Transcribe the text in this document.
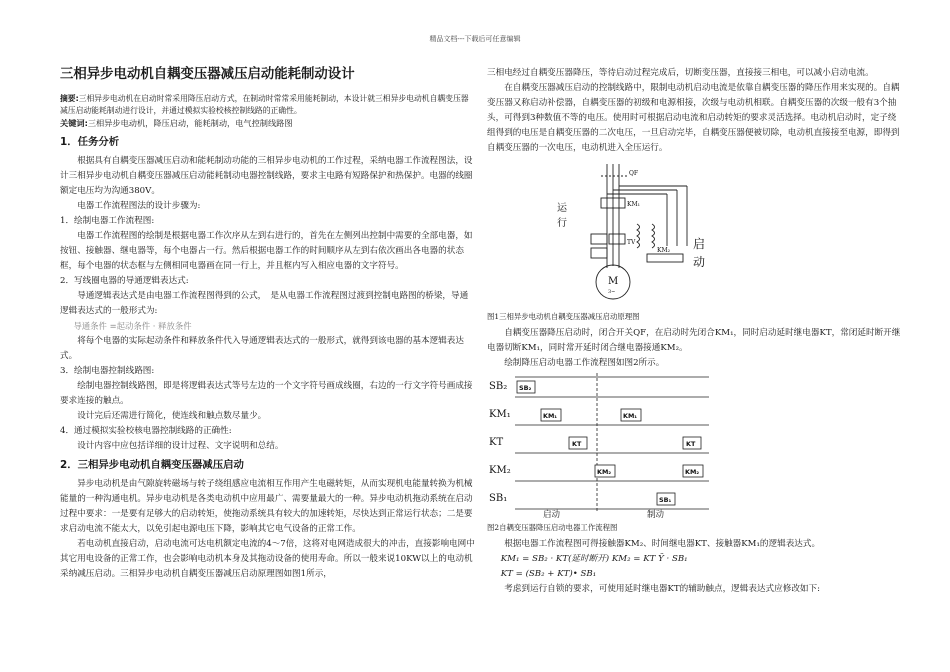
精品文档---下载后可任意编辑
三相异步电动机自耦变压器减压启动能耗制动设计

摘要:三相异步电动机在启动时常采用降压启动方式，在制动时常常采用能耗制动，本设计就三相异步电动机自耦变压器减压启动能耗制动进行设计，并通过模拟实验校核控制线路的正确性。

关键词:三相异步电动机，降压启动，能耗制动，电气控制线路图

1．任务分析

根据具有自耦变压器减压启动和能耗制动功能的三相异步电动机的工作过程，采纳电器工作流程图法，设计三相异步电动机自耦变压器减压启动能耗制动电器控制线路，要求主电路有短路保护和热保护。电器的线圈额定电压均为沟通380V。

电器工作流程图法的设计步骤为:

1．绘制电器工作流程图:

电器工作流程图的绘制是根据电器工作次序从左到右进行的，首先在左侧列出控制中需要的全部电器，如按钮、接触器、继电器等，每个电器占一行。然后根据电器工作的时间顺序从左到右依次画出各电器的状态框，每个电器的状态框与左侧相同电器画在同一行上，并且框内写入相应电器的文字符号。

2．写线圈电器的导通逻辑表达式:

导通逻辑表达式是由电器工作流程图得到的公式，　是从电器工作流程图过渡到控制电路图的桥梁，导通逻辑表达式的一般形式为:

导通条件 =起动条件 · 释放条件

将每个电器的实际起动条件和释放条件代入导通逻辑表达式的一般形式，就得到该电器的基本逻辑表达式。

3．绘制电器控制线路图:

绘制电器控制线路图，即是将逻辑表达式等号左边的一个文字符号画成线圈，右边的一行文字符号画成接要求连接的触点。

设计完后还需进行简化，使连线和触点数尽量少。

4．通过模拟实验校核电器控制线路的正确性:

设计内容中应包括详细的设计过程、文字说明和总结。

2．三相异步电动机自耦变压器减压启动

异步电动机是由气隙旋转磁场与转子绕组感应电流相互作用产生电磁转矩，从而实现机电能量转换为机械能量的一种沟通电机。异步电动机是各类电动机中应用最广、需要量最大的一种。异步电动机拖动系统在启动过程中要求：一是要有足够大的启动转矩，使拖动系统具有较大的加速转矩，尽快达到正常运行状态；二是要求启动电流不能太大，以免引起电源电压下降，影响其它电气设备的正常工作。

若电动机直接启动，启动电流可达电机额定电流的4～7倍，这将对电网造成很大的冲击，直接影响电网中其它用电设备的正常工作，也会影响电动机本身及其拖动设备的使用寿命。所以一般来说10KW以上的电动机采纳减压启动。三相异步电动机自耦变压器减压启动原理图如图1所示，

三相电经过自耦变压器降压，等待启动过程完成后，切断变压器，直接接三相电，可以减小启动电流。

在自耦变压器减压启动的控制线路中，限制电动机启动电流是依靠自耦变压器的降压作用来实现的。自耦变压器又称启动补偿器，自耦变压器的初级和电源相接，次级与电动机相联。自耦变压器的次级一般有3个抽头，可得到3种数值不等的电压。使用时可根据启动电流和启动转矩的要求灵活选择。电动机启动时，定子绕组得到的电压是自耦变压器的二次电压，一旦启动完毕，自耦变压器便被切除，电动机直接接至电源，即得到自耦变压器的一次电压，电动机进入全压运行。

运
行
启
动
QF
KM₁
TV
KM₂
M
3~
图1三相异步电动机自耦变压器减压启动原理图

自耦变压器降压启动时，闭合开关QF，在启动时先闭合KM₁，同时启动延时继电器KT，常闭延时断开继电器切断KM₁，同时常开延时闭合继电器接通KM₂。

绘制降压启动电器工作流程图如图2所示。

SB₂
KM₁
KT
KM₂
SB₁
SB₂
KM₁	KM₁
KT	KT
KM₂	KM₂
SB₁
启动	制动
图2自耦变压器降压启动电器工作流程图

根据电器工作流程图可得接触器KM₂、时间继电器KT、接触器KM₁的逻辑表达式。

KM₁ = SB₂ · KT(延时断开) KM₂ = KT Ÿ · SB₁

KT = (SB₂ + KT)• SB₁

考虑到运行自锁的要求，可使用延时继电器KT的辅助触点，逻辑表达式应修改如下:
